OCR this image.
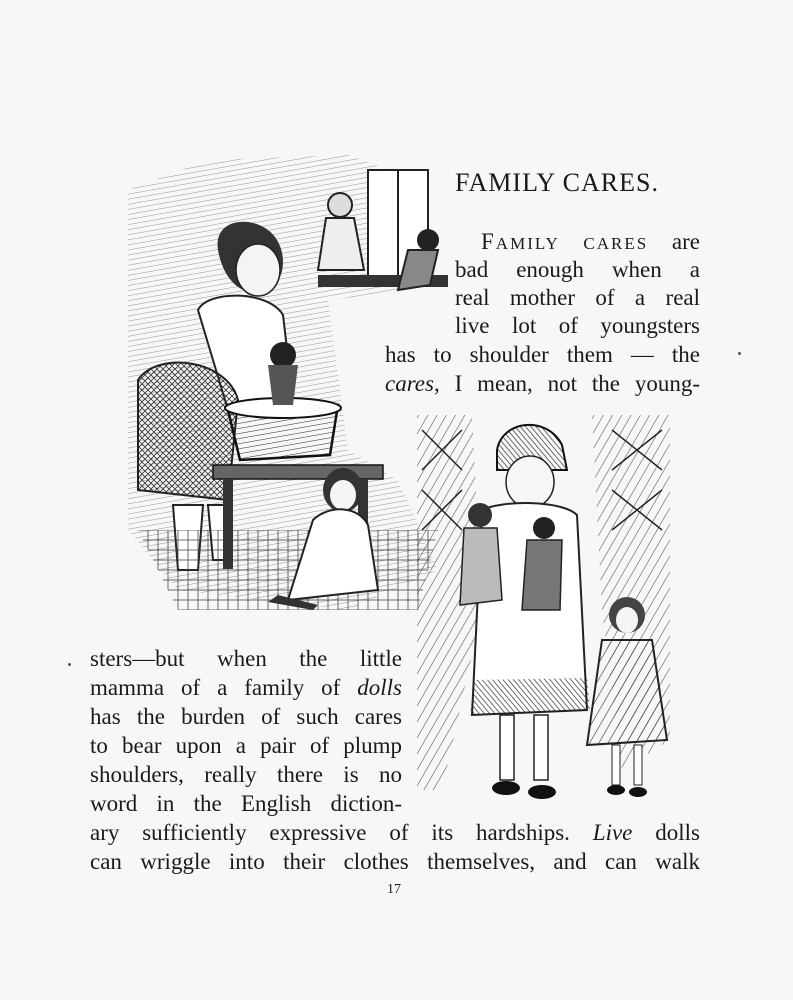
FAMILY CARES.
FAMILY CARES are
bad enough when a
real mother of a real
live lot of youngsters
has to shoulder them — the
cares, I mean, not the young-
sters—but when the little
mamma of a family of dolls
has the burden of such cares
to bear upon a pair of plump
shoulders, really there is no
word in the English diction-
ary sufficiently expressive of its hardships. Live dolls
can wriggle into their clothes themselves, and can walk
17
